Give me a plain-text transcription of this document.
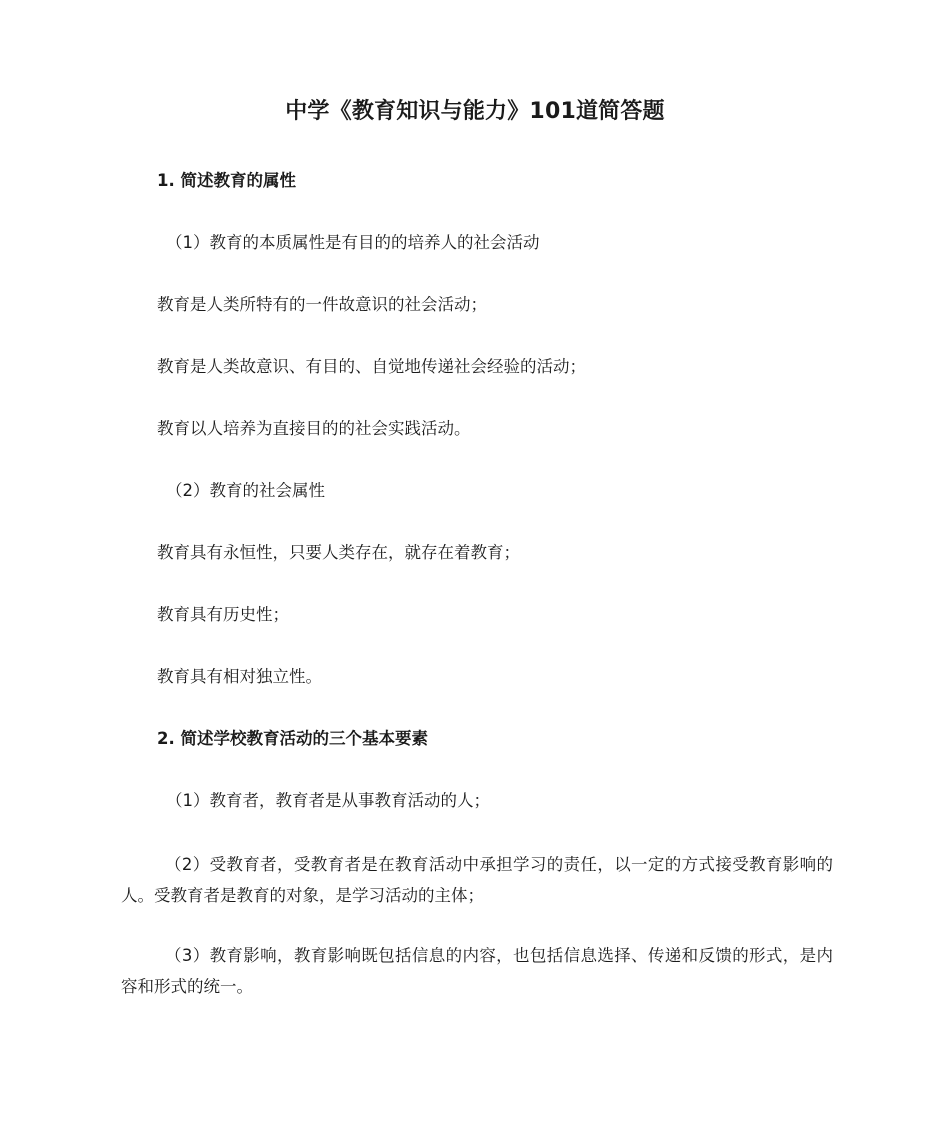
中学《教育知识与能力》101道简答题
1. 简述教育的属性
（1）教育的本质属性是有目的的培养人的社会活动
教育是人类所特有的一件故意识的社会活动；
教育是人类故意识、有目的、自觉地传递社会经验的活动；
教育以人培养为直接目的的社会实践活动。
（2）教育的社会属性
教育具有永恒性，只要人类存在，就存在着教育；
教育具有历史性；
教育具有相对独立性。
2. 简述学校教育活动的三个基本要素
（1）教育者，教育者是从事教育活动的人；
（2）受教育者，受教育者是在教育活动中承担学习的责任，以一定的方式接受教育影响的人。受教育者是教育的对象，是学习活动的主体；
（3）教育影响，教育影响既包括信息的内容，也包括信息选择、传递和反馈的形式，是内容和形式的统一。
